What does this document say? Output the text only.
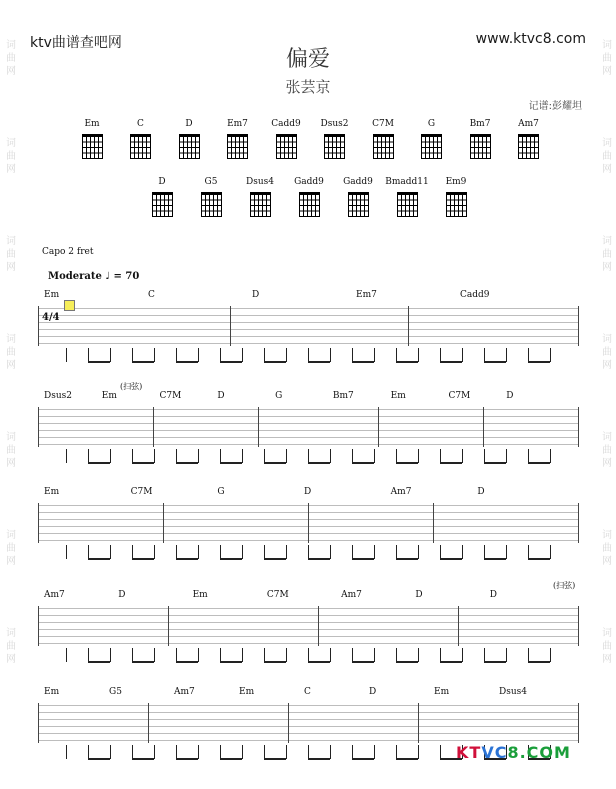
ktv曲谱查吧网	www.ktvc8.com
偏爱
张芸京
记谱:彭耀坦
词
曲
网
词
曲
网
词
曲
网
词
曲
网
词
曲
网
词
曲
网
词
曲
网
词
曲
网
词
曲
网
词
曲
网
词
曲
网
词
曲
网
词
曲
网
词
曲
网
Em	C	D	Em7	Cadd9	Dsus2	C7M	G	Bm7	Am7
D	G5	Dsus4	Gadd9	Gadd9	Bmadd11	Em9
Capo 2 fret
Moderate ♩ = 70
Em	C	D	Em7	Cadd9
4/4
Dsus2	Em	C7M	D	G	Bm7	Em	C7M	D
(扫弦)
Em	C7M	G	D	Am7	D
Am7	D	Em	C7M	Am7	D	D
(扫弦)
Em	G5	Am7	Em	C	D	Em	Dsus4
KTVC8.COM
